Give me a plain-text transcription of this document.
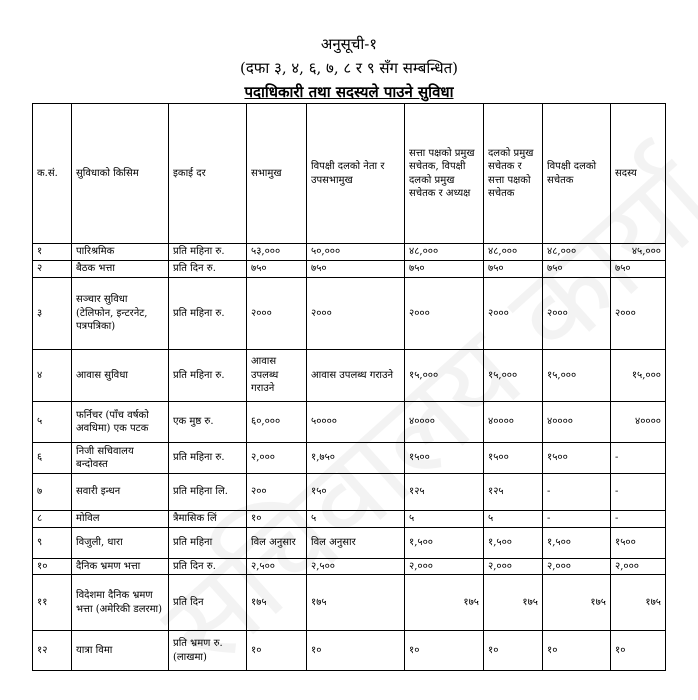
अनुसूची-१
(दफा ३, ४, ६, ७, ८ र ९ सँग सम्बन्धित)
पदाधिकारी तथा सदस्यले पाउने सुविधा
क.सं.	सुविधाको किसिम	इकाई दर	सभामुख	विपक्षी दलको नेता र उपसभामुख	सत्ता पक्षको प्रमुख सचेतक, विपक्षी दलको प्रमुख सचेतक र अध्यक्ष	दलको प्रमुख सचेतक र सत्ता पक्षको सचेतक	विपक्षी दलको सचेतक	सदस्य
१	पारिश्रमिक	प्रति महिना रु.	५३,०००	५०,०००	४८,०००	४८,०००	४८,०००	४५,०००
२	बैठक भत्ता	प्रति दिन रु.	७५०	७५०	७५०	७५०	७५०	७५०
३	सञ्चार सुविधा (टेलिफोन, इन्टरनेट, पत्रपत्रिका)	प्रति महिना रु.	२०००	२०००	२०००	२०००	२०००	२०००
४	आवास सुविधा	प्रति महिना रु.	आवास उपलब्ध गराउने	आवास उपलब्ध गराउने	१५,०००	१५,०००	१५,०००	१५,०००
५	फर्निचर (पाँच वर्षको अवधिमा) एक पटक	एक मुष्ठ रु.	६०,०००	५००००	४००००	४००००	४००००	४००००
६	निजी सचिवालय बन्दोवस्त	प्रति महिना रु.	२,०००	१,७५०	१५००	१५००	१५००	-
७	सवारी इन्धन	प्रति महिना लि.	२००	१५०	१२५	१२५	-	-
८	मोविल	त्रैमासिक लिं	१०	५	५	५	-	-
९	विजुली, धारा	प्रति महिना	विल अनुसार	विल अनुसार	१,५००	१,५००	१,५००	१५००
१०	दैनिक भ्रमण भत्ता	प्रति दिन रु.	२,५००	२,५००	२,०००	२,०००	२,०००	२,०००
११	विदेशमा दैनिक भ्रमण भत्ता (अमेरिकी डलरमा)	प्रति दिन	१७५	१७५	१७५	१७५	१७५	१७५
१२	यात्रा विमा	प्रति भ्रमण रु.(लाखमा)	१०	१०	१०	१०	१०	१०
